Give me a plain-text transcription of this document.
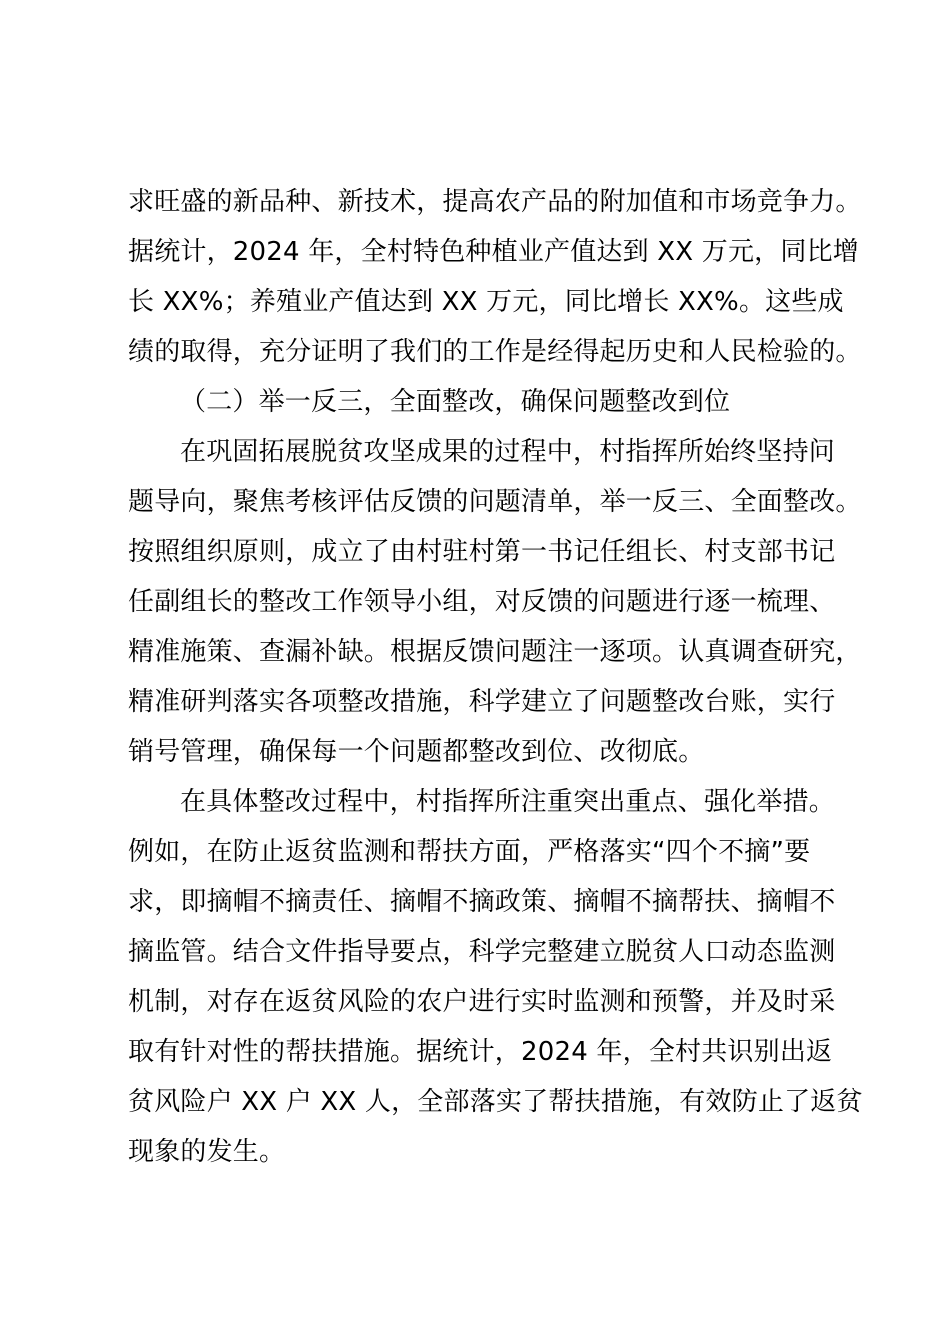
求旺盛的新品种、新技术，提高农产品的附加值和市场竞争力。
据统计，2024 年，全村特色种植业产值达到 XX 万元，同比增
长 XX%；养殖业产值达到 XX 万元，同比增长 XX%。这些成
绩的取得，充分证明了我们的工作是经得起历史和人民检验的。
（二）举一反三，全面整改，确保问题整改到位
在巩固拓展脱贫攻坚成果的过程中，村指挥所始终坚持问
题导向，聚焦考核评估反馈的问题清单，举一反三、全面整改。
按照组织原则，成立了由村驻村第一书记任组长、村支部书记
任副组长的整改工作领导小组，对反馈的问题进行逐一梳理、
精准施策、查漏补缺。根据反馈问题注一逐项。认真调查研究，
精准研判落实各项整改措施，科学建立了问题整改台账，实行
销号管理，确保每一个问题都整改到位、改彻底。
在具体整改过程中，村指挥所注重突出重点、强化举措。
例如，在防止返贫监测和帮扶方面，严格落实“四个不摘”要
求，即摘帽不摘责任、摘帽不摘政策、摘帽不摘帮扶、摘帽不
摘监管。结合文件指导要点，科学完整建立脱贫人口动态监测
机制，对存在返贫风险的农户进行实时监测和预警，并及时采
取有针对性的帮扶措施。据统计，2024 年，全村共识别出返
贫风险户 XX 户 XX 人，全部落实了帮扶措施，有效防止了返贫
现象的发生。
